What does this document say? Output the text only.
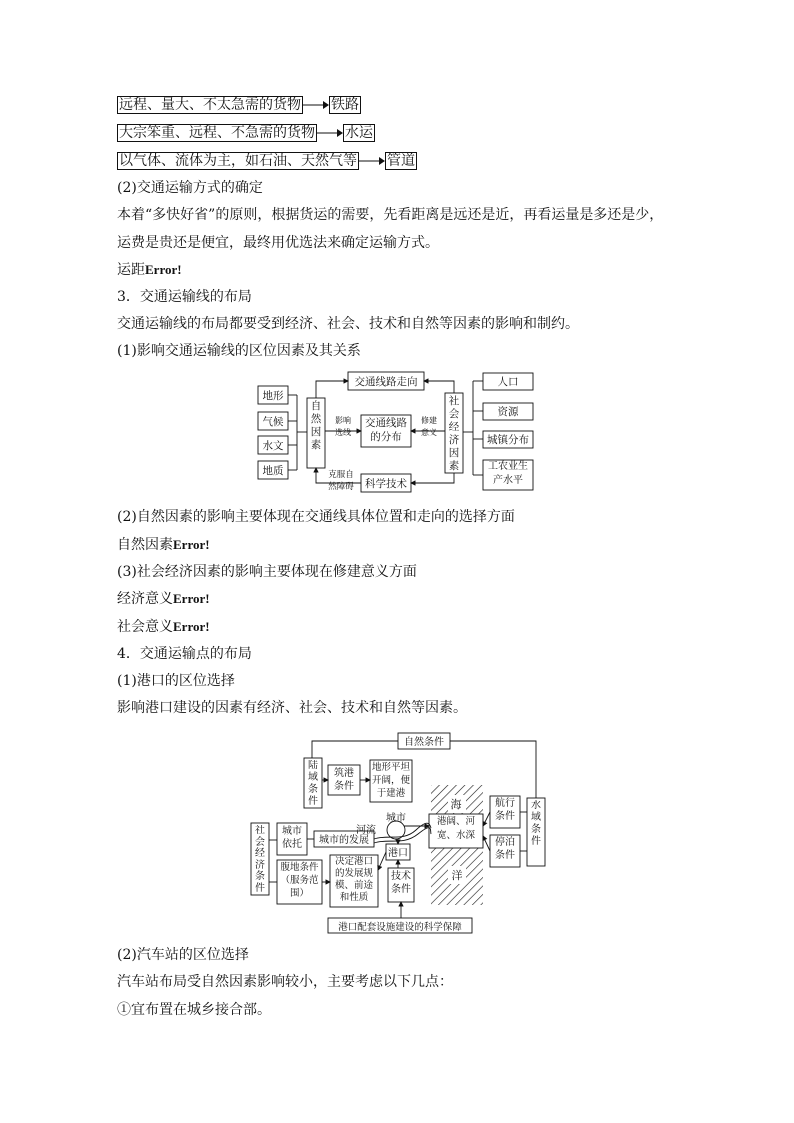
远程、量大、不太急需的货物 铁路
大宗笨重、远程、不急需的货物 水运
以气体、流体为主，如石油、天然气等 管道
(2)交通运输方式的确定
本着“多快好省”的原则，根据货运的需要，先看距离是远还是近，再看运量是多还是少，
运费是贵还是便宜，最终用优选法来确定运输方式。
运距Error!
3．交通运输线的布局
交通运输线的布局都要受到经济、社会、技术和自然等因素的影响和制约。
(1)影响交通运输线的区位因素及其关系
地形
气候
水文
地质
交通线路走向	人口
资源
城镇分布
科学技术
自然因素
社会经济因素
交通线路的分布
影响选线
修建意义
工农业生产水平
克服自然障碍
(2)自然因素的影响主要体现在交通线具体位置和走向的选择方面
自然因素Error!
(3)社会经济因素的影响主要体现在修建意义方面
经济意义Error!
社会意义Error!
4．交通运输点的布局
(1)港口的区位选择
影响港口建设的因素有经济、社会、技术和自然等因素。
自然条件
海
洋
城市
河流
城市的发展
港口
港口配套设施建设的科学保障
陆域条件
筑港条件
地形平坦开阔，便于建港
港阔、河宽、水深
航行条件
停泊条件
水域条件
社会经济条件
城市依托
腹地条件（服务范围）
决定港口的发展规模、前途和性质
技术条件
(2)汽车站的区位选择
汽车站布局受自然因素影响较小，主要考虑以下几点：
①宜布置在城乡接合部。
